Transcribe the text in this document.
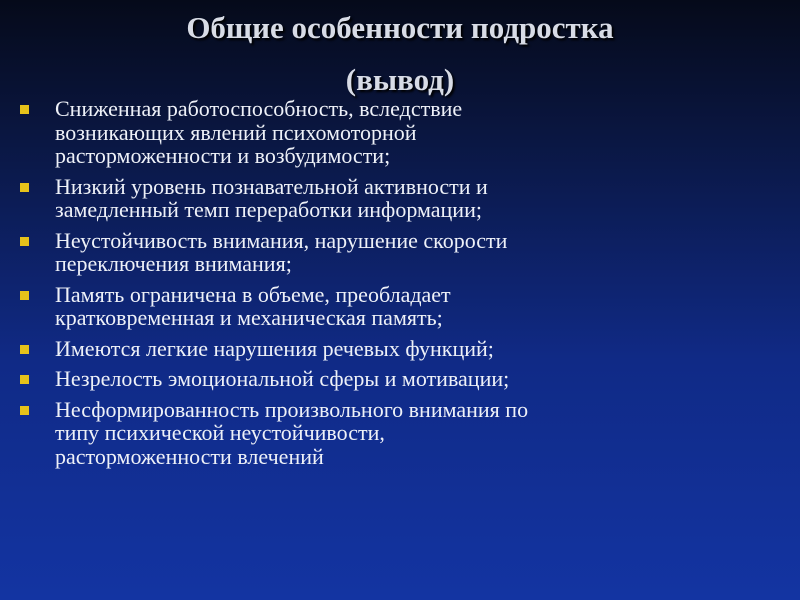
Общие особенности подростка
(вывод)
Сниженная работоспособность, вследствие
возникающих явлений психомоторной
расторможенности и возбудимости;
Низкий уровень познавательной активности и
замедленный темп переработки информации;
Неустойчивость внимания, нарушение скорости
переключения внимания;
Память ограничена в объеме, преобладает
кратковременная и механическая память;
Имеются легкие нарушения речевых функций;
Незрелость эмоциональной сферы и мотивации;
Несформированность произвольного внимания по
типу психической неустойчивости,
расторможенности влечений
